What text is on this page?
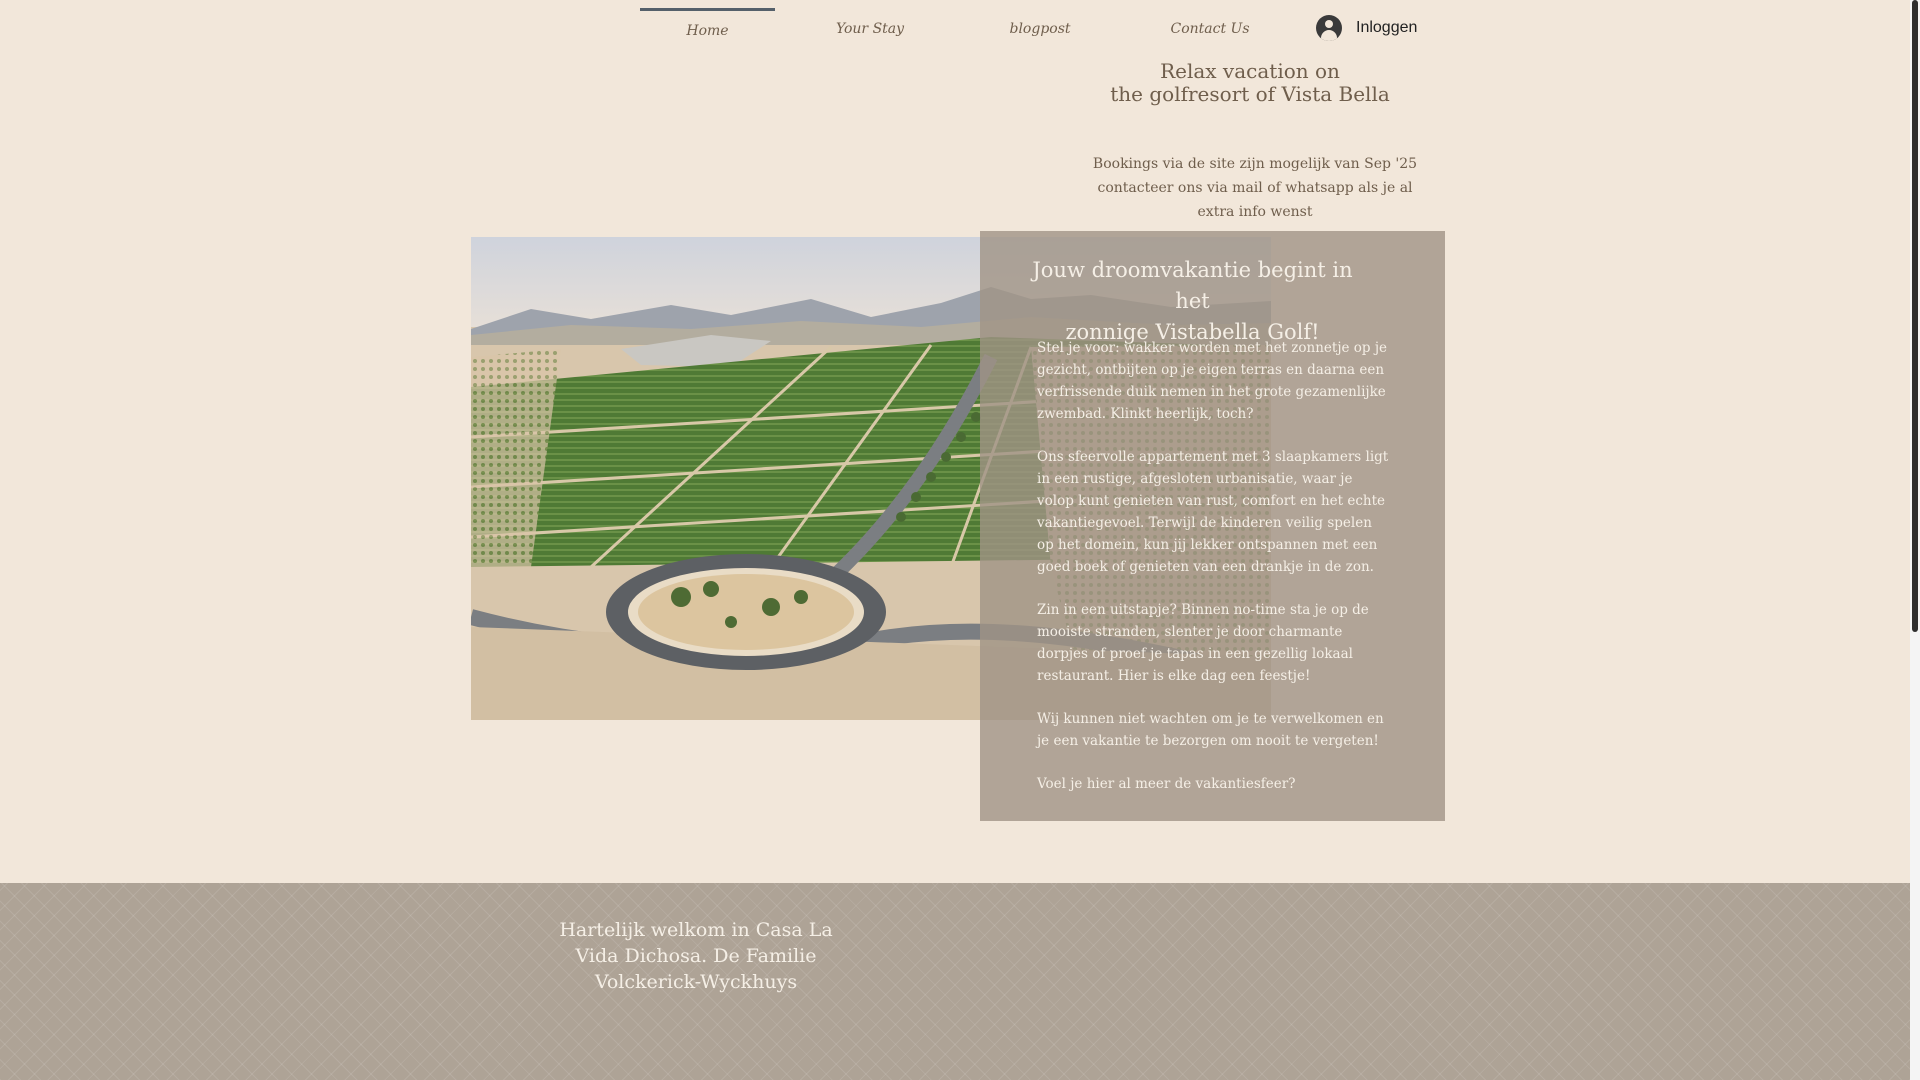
Home	Your Stay	blogpost	Contact Us	Inloggen
Relax vacation on
the golfresort of Vista Bella
Bookings via de site zijn mogelijk van Sep '25
contacteer ons via mail of whatsapp als je al extra info wenst
Jouw droomvakantie begint in het
zonnige Vistabella Golf!

Stel je voor: wakker worden met het zonnetje op je gezicht, ontbijten op je eigen terras en daarna een verfrissende duik nemen in het grote gezamenlijke zwembad. Klinkt heerlijk, toch?

Ons sfeervolle appartement met 3 slaapkamers ligt in een rustige, afgesloten urbanisatie, waar je volop kunt genieten van rust, comfort en het echte vakantiegevoel. Terwijl de kinderen veilig spelen op het domein, kun jij lekker ontspannen met een goed boek of genieten van een drankje in de zon.

Zin in een uitstapje? Binnen no-time sta je op de mooiste stranden, slenter je door charmante dorpjes of proef je tapas in een gezellig lokaal restaurant. Hier is elke dag een feestje!

Wij kunnen niet wachten om je te verwelkomen en je een vakantie te bezorgen om nooit te vergeten!

Voel je hier al meer de vakantiesfeer?

Hartelijk welkom in Casa La Vida Dichosa. De Familie Volckerick-Wyckhuys
